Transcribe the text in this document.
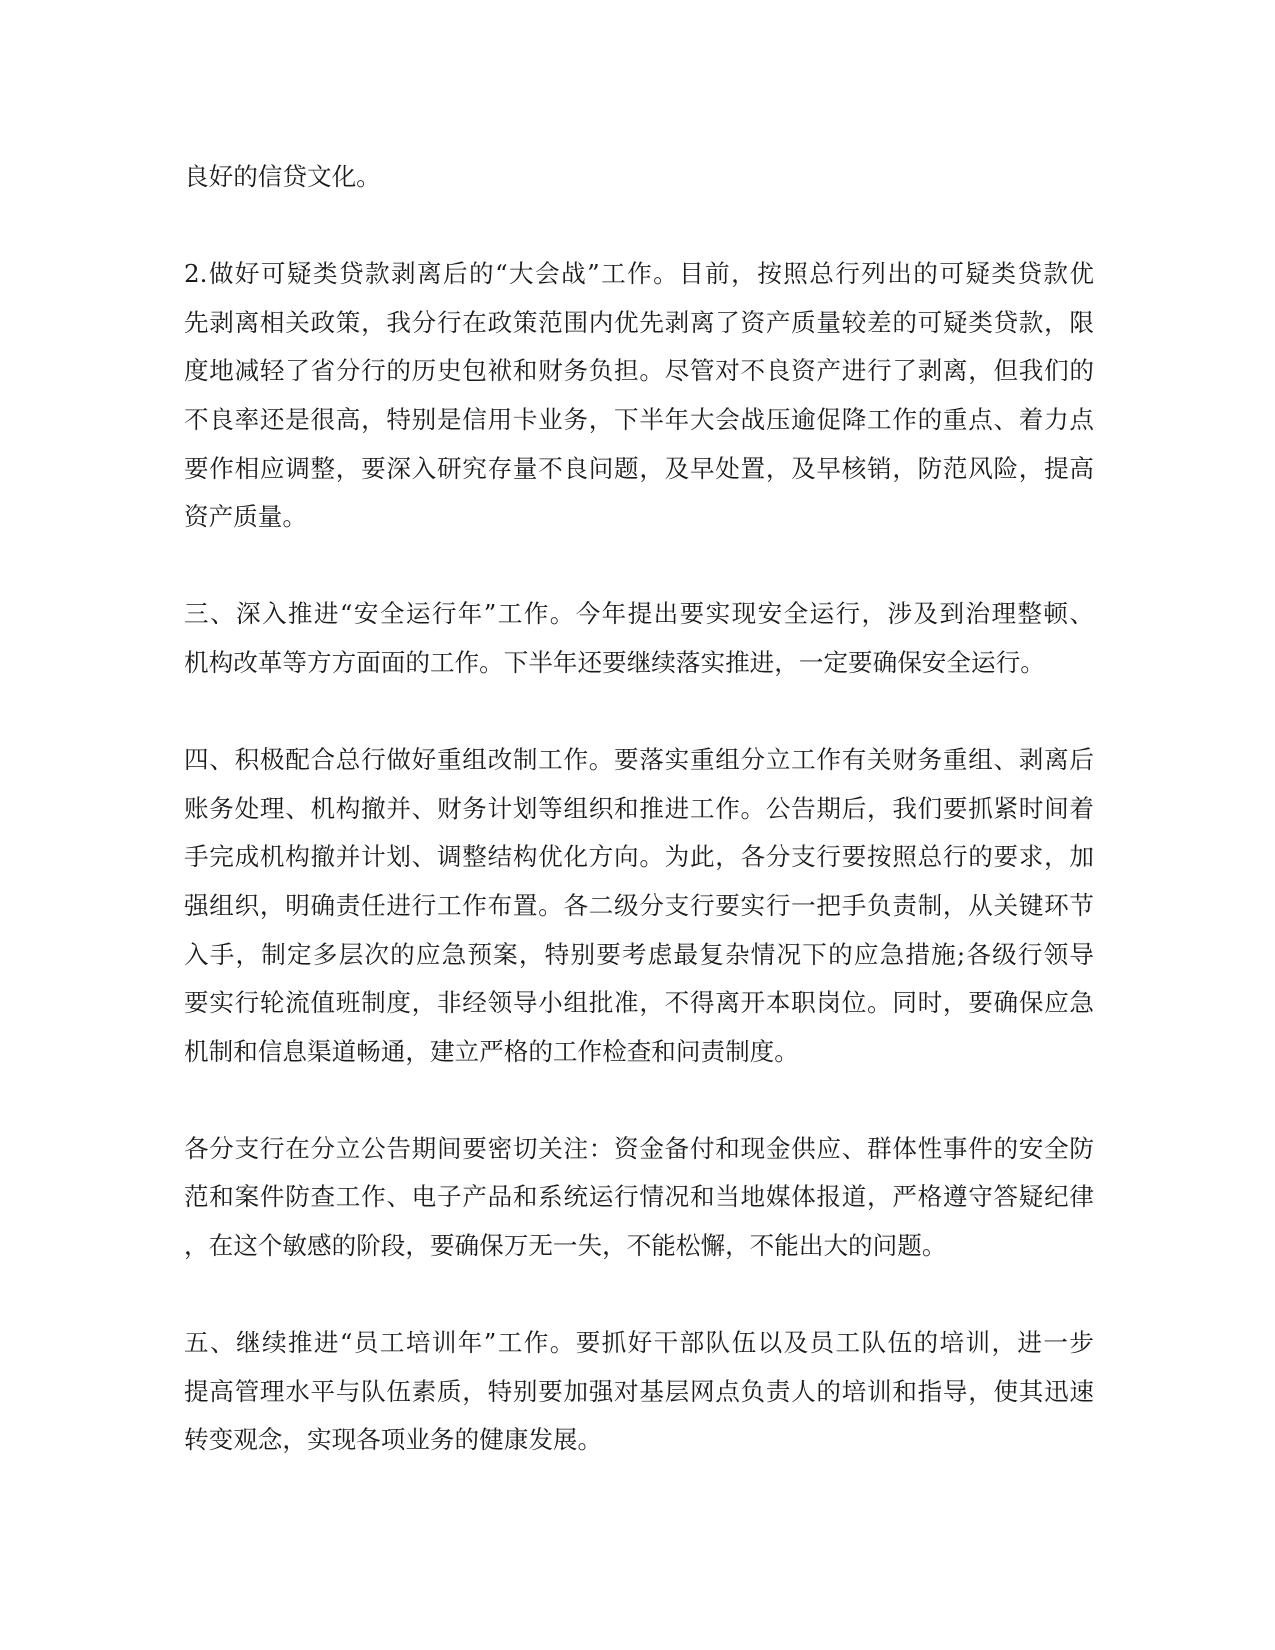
良好的信贷文化。

2.做好可疑类贷款剥离后的“大会战”工作。目前，按照总行列出的可疑类贷款优
先剥离相关政策，我分行在政策范围内优先剥离了资产质量较差的可疑类贷款，限
度地减轻了省分行的历史包袱和财务负担。尽管对不良资产进行了剥离，但我们的
不良率还是很高，特别是信用卡业务，下半年大会战压逾促降工作的重点、着力点
要作相应调整，要深入研究存量不良问题，及早处置，及早核销，防范风险，提高
资产质量。

三、深入推进“安全运行年”工作。今年提出要实现安全运行，涉及到治理整顿、
机构改革等方方面面的工作。下半年还要继续落实推进，一定要确保安全运行。

四、积极配合总行做好重组改制工作。要落实重组分立工作有关财务重组、剥离后
账务处理、机构撤并、财务计划等组织和推进工作。公告期后，我们要抓紧时间着
手完成机构撤并计划、调整结构优化方向。为此，各分支行要按照总行的要求，加
强组织，明确责任进行工作布置。各二级分支行要实行一把手负责制，从关键环节
入手，制定多层次的应急预案，特别要考虑最复杂情况下的应急措施;各级行领导
要实行轮流值班制度，非经领导小组批准，不得离开本职岗位。同时，要确保应急
机制和信息渠道畅通，建立严格的工作检查和问责制度。

各分支行在分立公告期间要密切关注：资金备付和现金供应、群体性事件的安全防
范和案件防查工作、电子产品和系统运行情况和当地媒体报道，严格遵守答疑纪律
，在这个敏感的阶段，要确保万无一失，不能松懈，不能出大的问题。

五、继续推进“员工培训年”工作。要抓好干部队伍以及员工队伍的培训，进一步
提高管理水平与队伍素质，特别要加强对基层网点负责人的培训和指导，使其迅速
转变观念，实现各项业务的健康发展。
